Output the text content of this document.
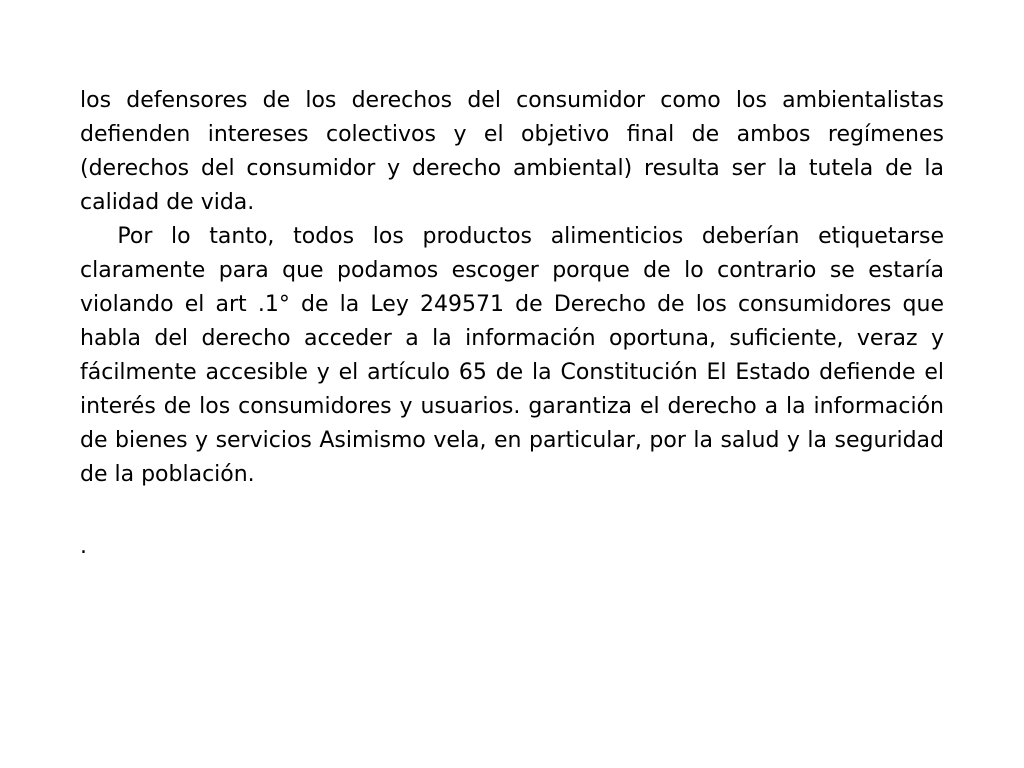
los defensores de los derechos del consumidor como los ambientalistas defienden intereses colectivos y el objetivo final de ambos regímenes (derechos del consumidor y derecho ambiental) resulta ser la tutela de la calidad de vida.

Por lo tanto, todos los productos alimenticios deberían etiquetarse claramente para que podamos escoger porque de lo contrario se estaría violando el art .1° de la Ley 249571 de Derecho de los consumidores que habla del derecho acceder a la información oportuna, suficiente, veraz y fácilmente accesible y el artículo 65 de la Constitución El Estado defiende el interés de los consumidores y usuarios. garantiza el derecho a la información de bienes y servicios Asimismo vela, en particular, por la salud y la seguridad de la población.

.
